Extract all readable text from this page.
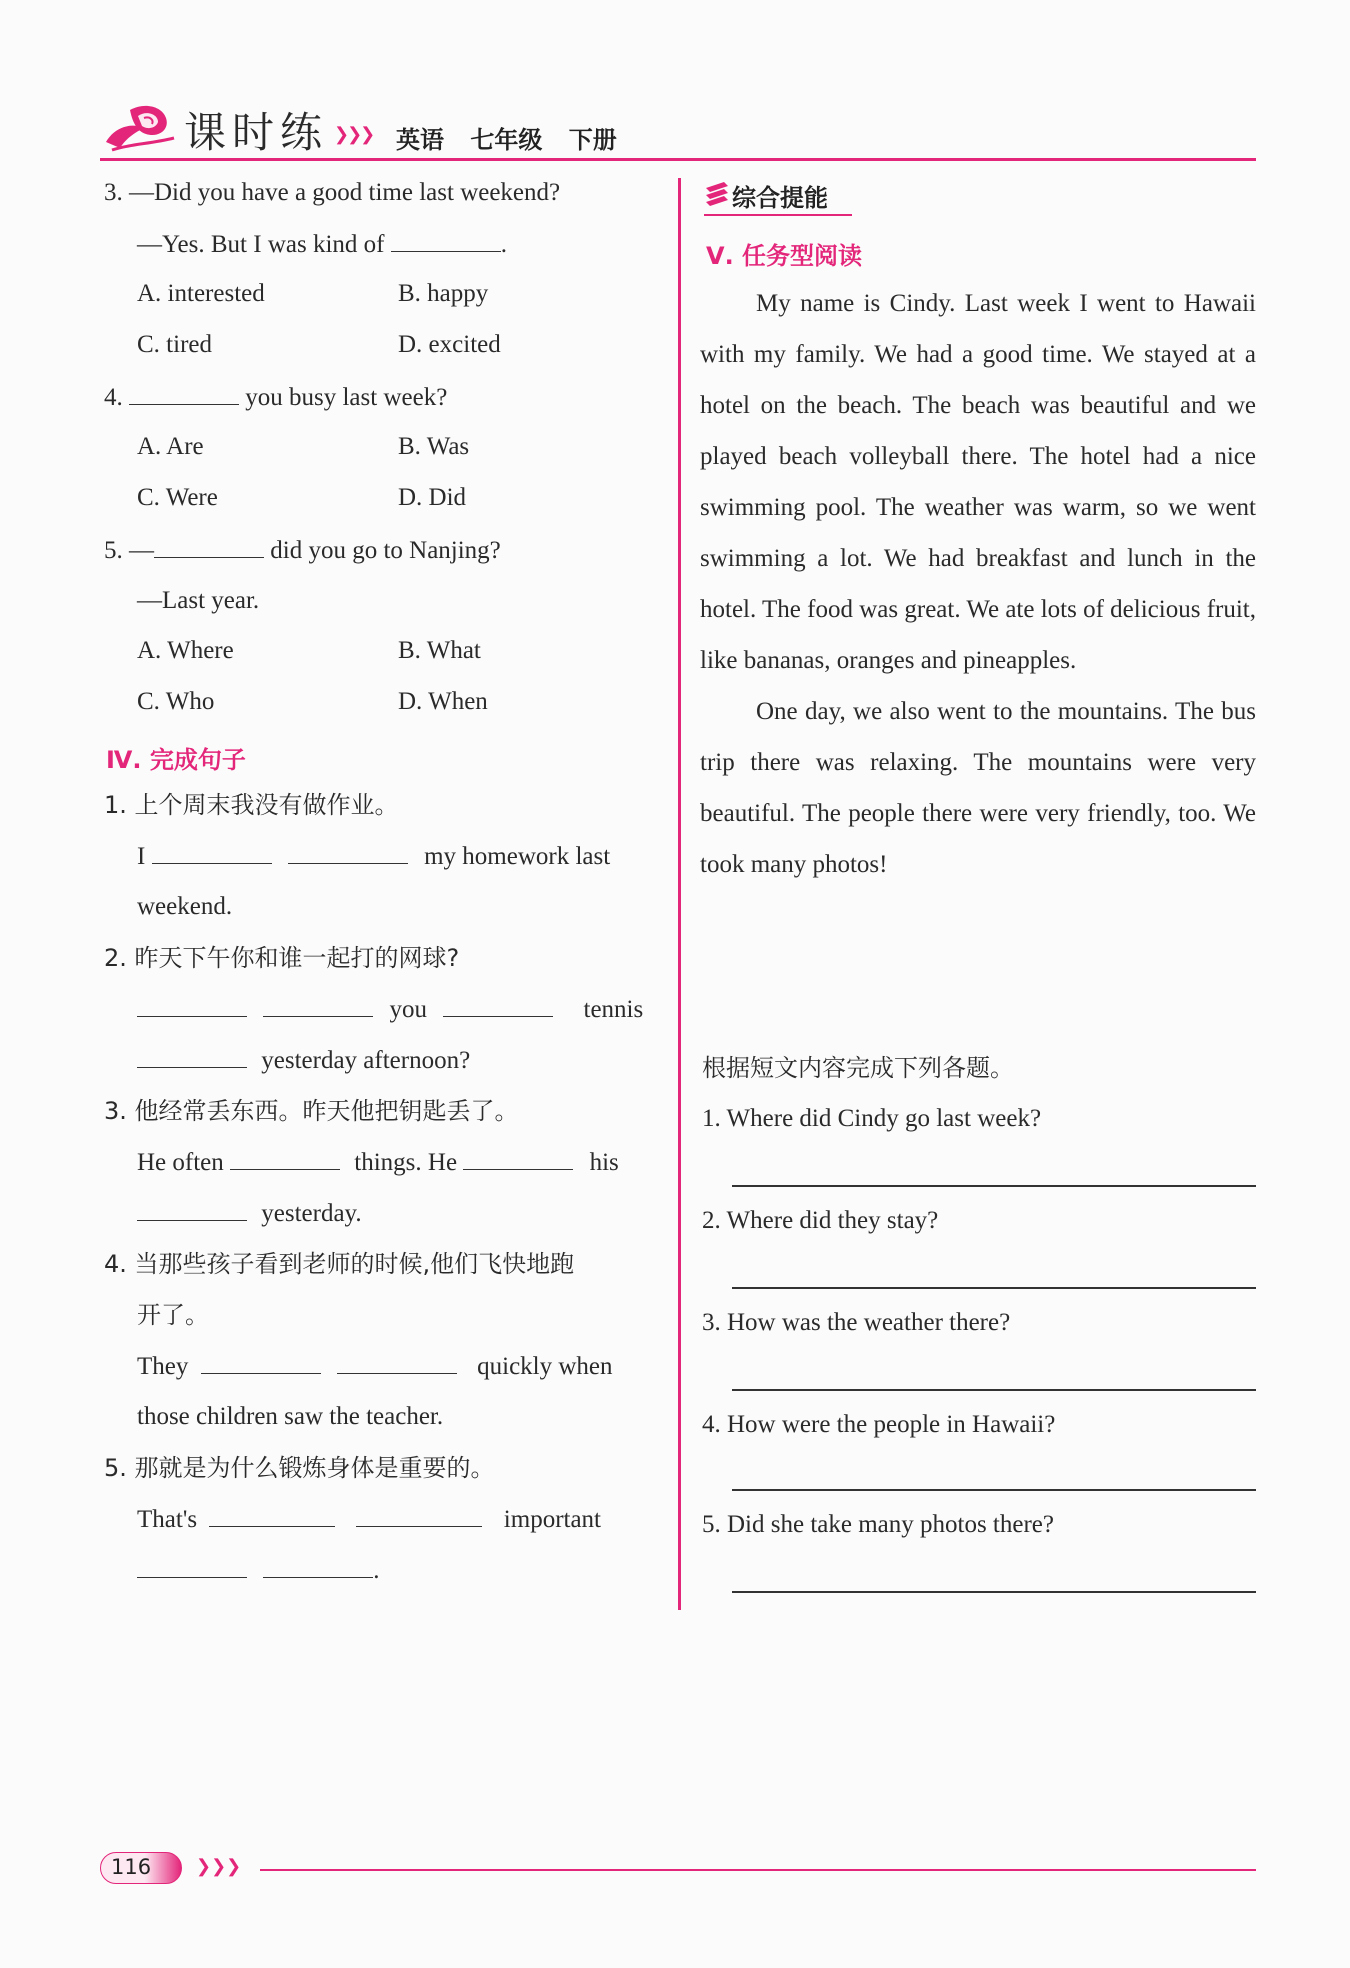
课时练 ❯❯❯ 英语 七年级 下册
3. —Did you have a good time last weekend?
—Yes. But I was kind of	.
A. interested	B. happy
C. tired	D. excited
4.	you busy last week?
A. Are	B. Was
C. Were	D. Did
5. —	did you go to Nanjing?
—Last year.
A. Where	B. What
C. Who	D. When
Ⅳ. 完成句子
1. 上个周末我没有做作业。
I	my homework last
weekend.
2. 昨天下午你和谁一起打的网球?
you	tennis
yesterday afternoon?
3. 他经常丢东西。昨天他把钥匙丢了。
He often	things. He	his
yesterday.
4. 当那些孩子看到老师的时候,他们飞快地跑
开了。
They	quickly when
those children saw the teacher.
5. 那就是为什么锻炼身体是重要的。
That's	important
.
综合提能
Ⅴ. 任务型阅读

My name is Cindy. Last week I went to Hawaii with my family. We had a good time. We stayed at a hotel on the beach. The beach was beautiful and we played beach volleyball there. The hotel had a nice swimming pool. The weather was warm, so we went swimming a lot. We had breakfast and lunch in the hotel. The food was great. We ate lots of delicious fruit, like bananas, oranges and pineapples.

One day, we also went to the mountains. The bus trip there was relaxing. The mountains were very beautiful. The people there were very friendly, too. We took many photos!

根据短文内容完成下列各题。
1. Where did Cindy go last week?
2. Where did they stay?
3. How was the weather there?
4. How were the people in Hawaii?
5. Did she take many photos there?
116 ❯❯❯
